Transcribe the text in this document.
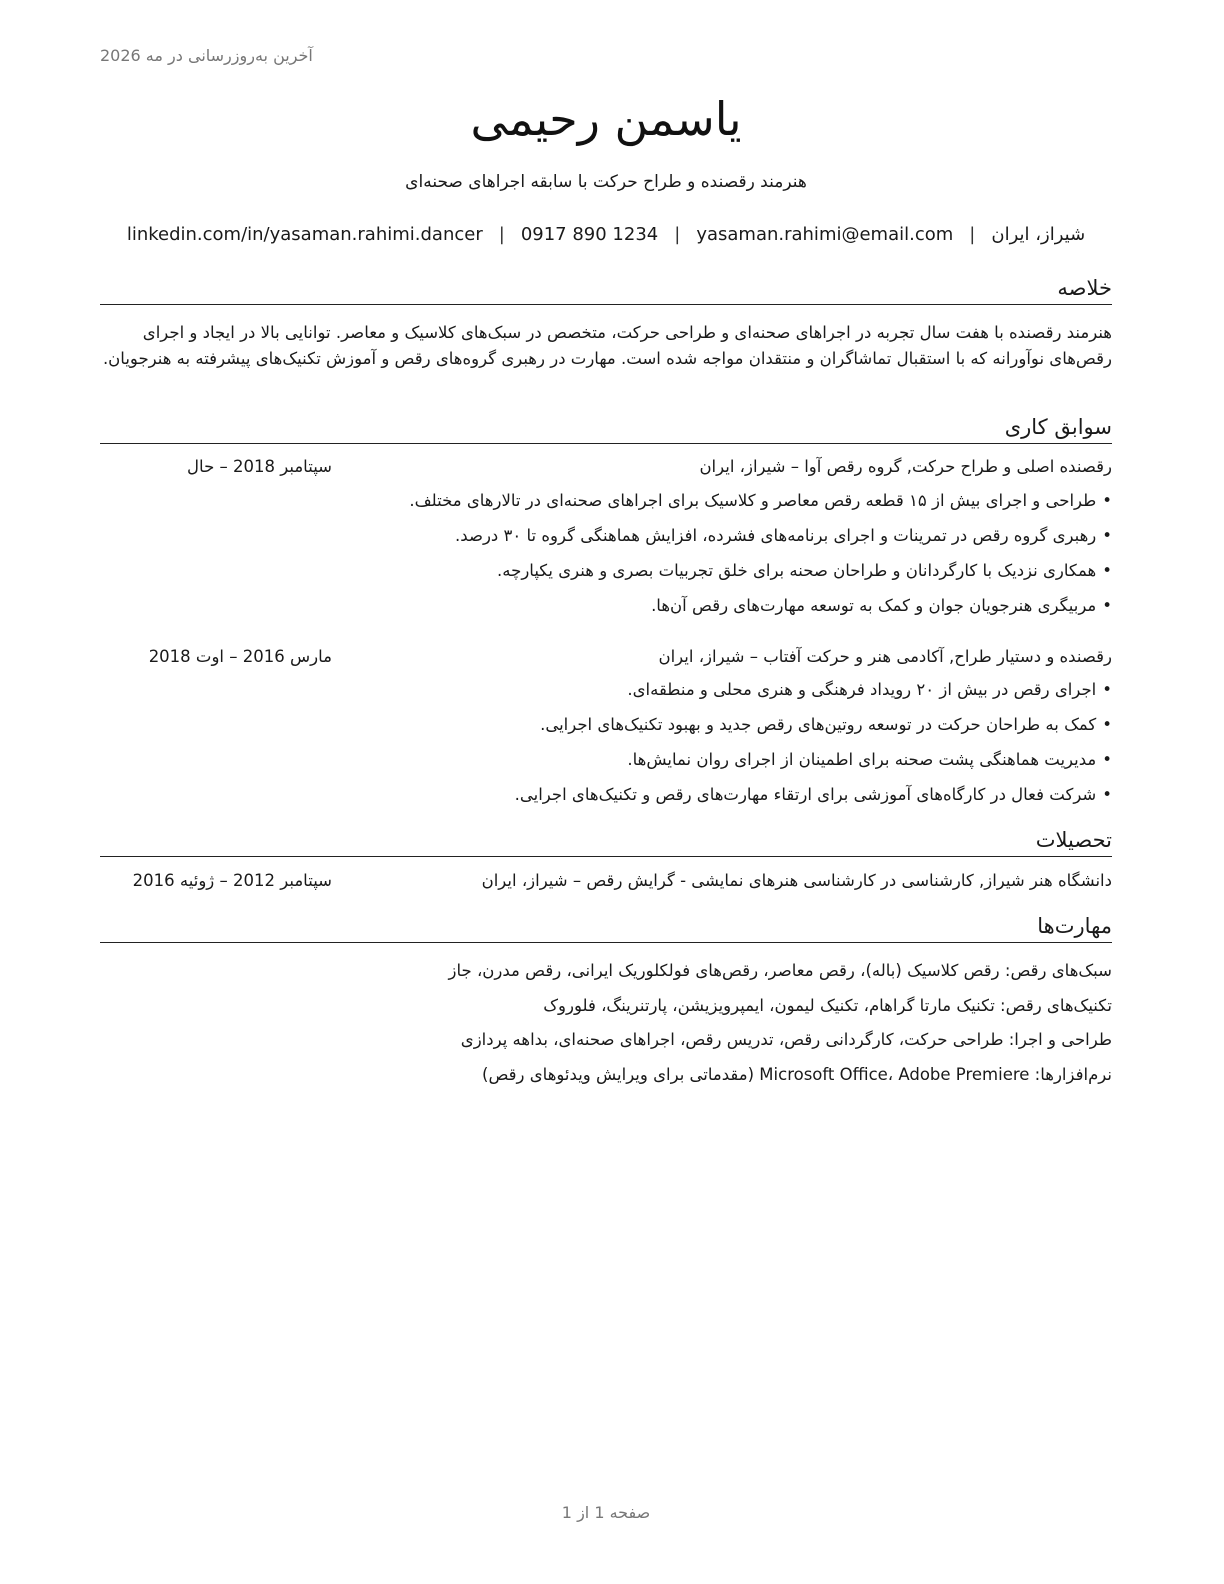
آخرین به‌روزرسانی در مه 2026
یاسمن رحیمی
هنرمند رقصنده و طراح حرکت با سابقه اجراهای صحنه‌ای
شیراز، ایران
|
yasaman.rahimi@email.com
|
0917 890 1234
|
linkedin.com/in/yasaman.rahimi.dancer
خلاصه
هنرمند رقصنده با هفت سال تجربه در اجراهای صحنه‌ای و طراحی حرکت، متخصص در سبک‌های کلاسیک و معاصر. توانایی بالا در ایجاد و اجرای رقص‌های نوآورانه که با استقبال تماشاگران و منتقدان مواجه شده است. مهارت در رهبری گروه‌های رقص و آموزش تکنیک‌های پیشرفته به هنرجویان.
سوابق کاری
رقصنده اصلی و طراح حرکت, گروه رقص آوا – شیراز، ایران
سپتامبر 2018 – حال
• طراحی و اجرای بیش از ۱۵ قطعه رقص معاصر و کلاسیک برای اجراهای صحنه‌ای در تالارهای مختلف.
• رهبری گروه رقص در تمرینات و اجرای برنامه‌های فشرده، افزایش هماهنگی گروه تا ۳۰ درصد.
• همکاری نزدیک با کارگردانان و طراحان صحنه برای خلق تجربیات بصری و هنری یکپارچه.
• مربیگری هنرجویان جوان و کمک به توسعه مهارت‌های رقص آن‌ها.
رقصنده و دستیار طراح, آکادمی هنر و حرکت آفتاب – شیراز، ایران
مارس 2016 – اوت 2018
• اجرای رقص در بیش از ۲۰ رویداد فرهنگی و هنری محلی و منطقه‌ای.
• کمک به طراحان حرکت در توسعه روتین‌های رقص جدید و بهبود تکنیک‌های اجرایی.
• مدیریت هماهنگی پشت صحنه برای اطمینان از اجرای روان نمایش‌ها.
• شرکت فعال در کارگاه‌های آموزشی برای ارتقاء مهارت‌های رقص و تکنیک‌های اجرایی.
تحصیلات
دانشگاه هنر شیراز, کارشناسی در کارشناسی هنرهای نمایشی - گرایش رقص – شیراز، ایران
سپتامبر 2012 – ژوئیه 2016
مهارت‌ها
سبک‌های رقص: رقص کلاسیک (باله)، رقص معاصر، رقص‌های فولکلوریک ایرانی، رقص مدرن، جاز
تکنیک‌های رقص: تکنیک مارتا گراهام، تکنیک لیمون، ایمپرویزیشن، پارتنرینگ، فلوروک
طراحی و اجرا: طراحی حرکت، کارگردانی رقص، تدریس رقص، اجراهای صحنه‌ای، بداهه پردازی
نرم‌افزارها: Microsoft Office، Adobe Premiere (مقدماتی برای ویرایش ویدئوهای رقص)
صفحه 1 از 1
